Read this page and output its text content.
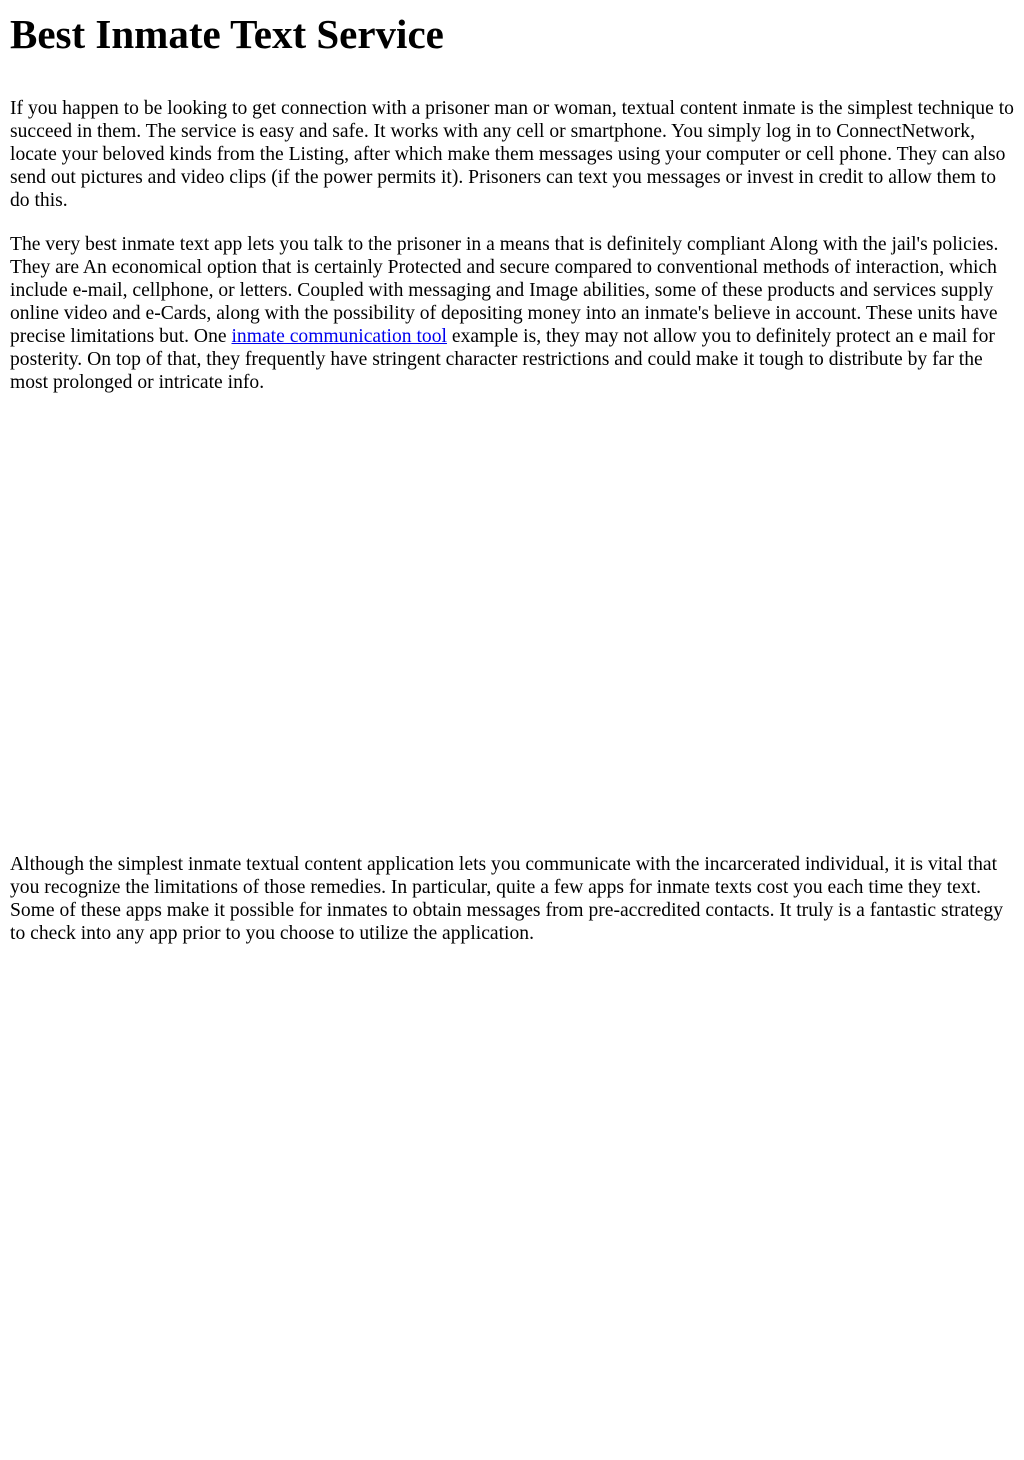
Best Inmate Text Service

If you happen to be looking to get connection with a prisoner man or woman, textual content inmate is the simplest technique to succeed in them. The service is easy and safe. It works with any cell or smartphone. You simply log in to ConnectNetwork, locate your beloved kinds from the Listing, after which make them messages using your computer or cell phone. They can also send out pictures and video clips (if the power permits it). Prisoners can text you messages or invest in credit to allow them to do this.

The very best inmate text app lets you talk to the prisoner in a means that is definitely compliant Along with the jail's policies. They are An economical option that is certainly Protected and secure compared to conventional methods of interaction, which include e-mail, cellphone, or letters. Coupled with messaging and Image abilities, some of these products and services supply online video and e-Cards, along with the possibility of depositing money into an inmate's believe in account. These units have precise limitations but. One inmate communication tool example is, they may not allow you to definitely protect an e mail for posterity. On top of that, they frequently have stringent character restrictions and could make it tough to distribute by far the most prolonged or intricate info.

Although the simplest inmate textual content application lets you communicate with the incarcerated individual, it is vital that you recognize the limitations of those remedies. In particular, quite a few apps for inmate texts cost you each time they text. Some of these apps make it possible for inmates to obtain messages from pre-accredited contacts. It truly is a fantastic strategy to check into any app prior to you choose to utilize the application.
